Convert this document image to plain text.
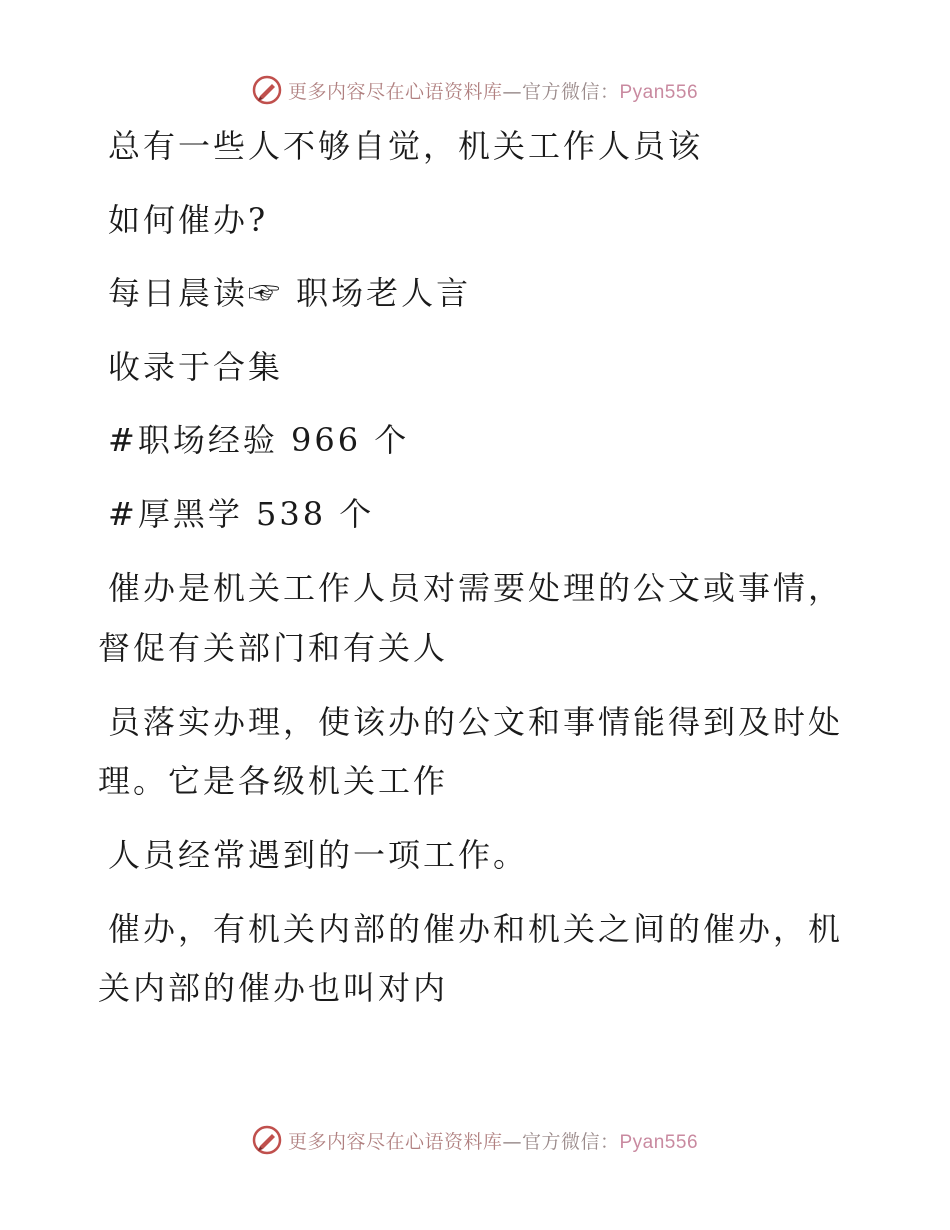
更多内容尽在心语资料库—官方微信：Pyan556

总有一些人不够自觉，机关工作人员该

如何催办?

每日晨读☞ 职场老人言

收录于合集

#职场经验 966 个

#厚黑学 538 个

催办是机关工作人员对需要处理的公文或事情，

督促有关部门和有关人

员落实办理，使该办的公文和事情能得到及时处

理。它是各级机关工作

人员经常遇到的一项工作。

催办，有机关内部的催办和机关之间的催办，机

关内部的催办也叫对内

更多内容尽在心语资料库—官方微信：Pyan556
